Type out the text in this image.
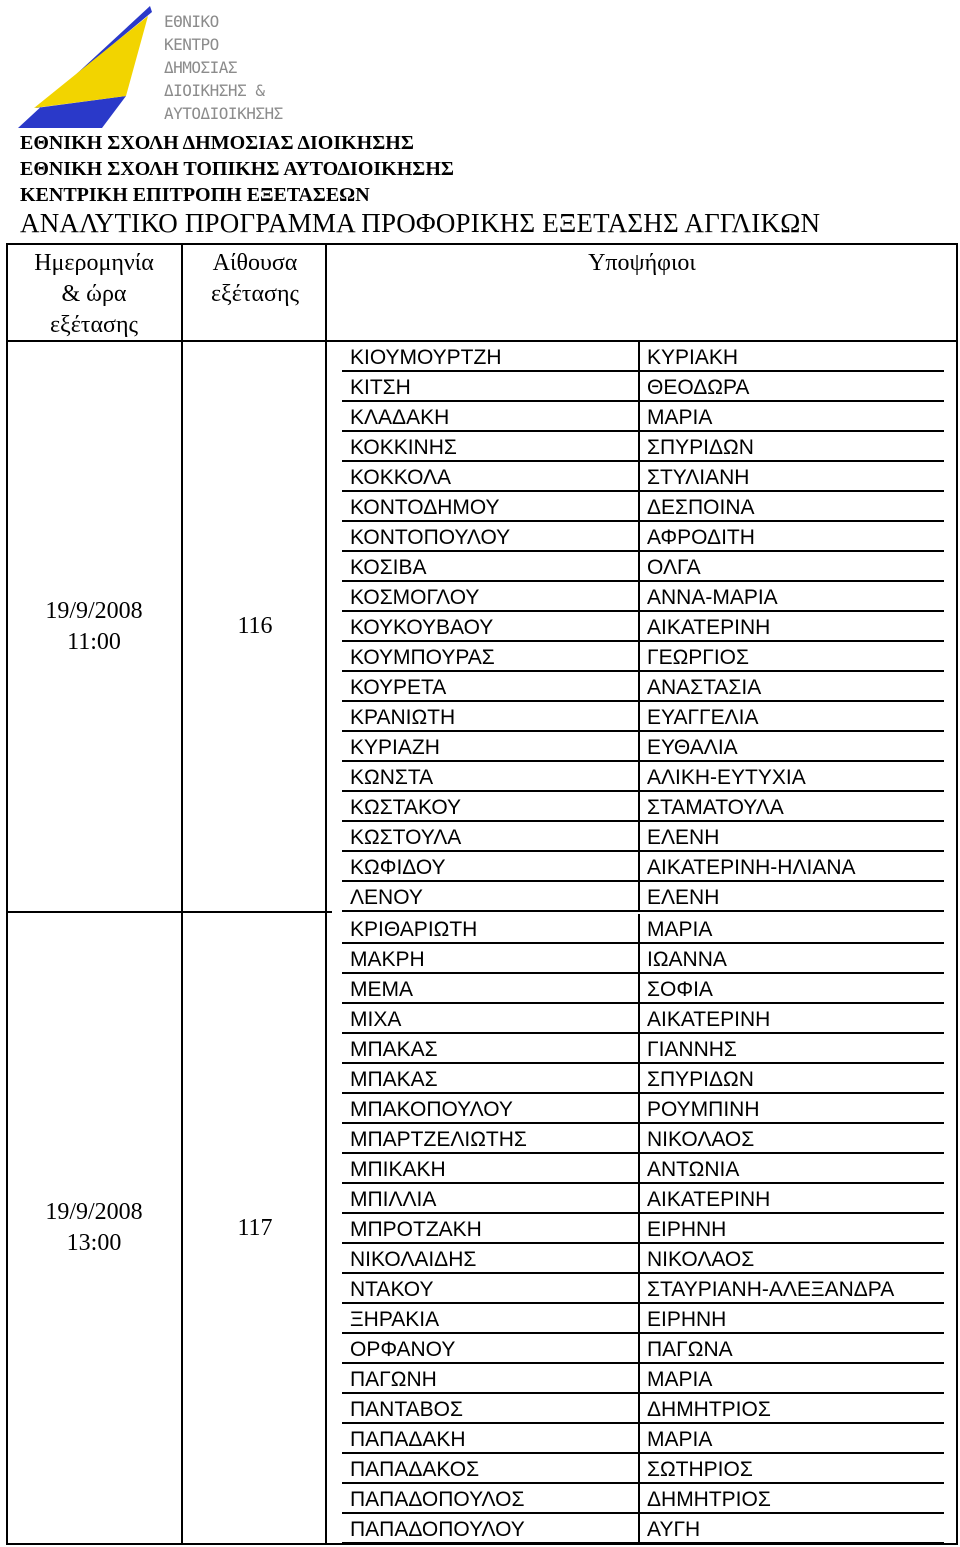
ΕΘΝΙΚΟ
ΚΕΝΤΡΟ
ΔΗΜΟΣΙΑΣ
ΔΙΟΙΚΗΣΗΣ &
ΑΥΤΟΔΙΟΙΚΗΣΗΣ
ΕΘΝΙΚΗ ΣΧΟΛΗ ΔΗΜΟΣΙΑΣ ΔΙΟΙΚΗΣΗΣ
ΕΘΝΙΚΗ ΣΧΟΛΗ ΤΟΠΙΚΗΣ ΑΥΤΟΔΙΟΙΚΗΣΗΣ
ΚΕΝΤΡΙΚΗ ΕΠΙΤΡΟΠΗ ΕΞΕΤΑΣΕΩΝ
ΑΝΑΛΥΤΙΚΟ ΠΡΟΓΡΑΜΜΑ ΠΡΟΦΟΡΙΚΗΣ ΕΞΕΤΑΣΗΣ ΑΓΓΛΙΚΩΝ
Ημερομηνία
& ώρα
εξέτασης
Αίθουσα
εξέτασης
Υποψήφιοι
19/9/2008
11:00
116
ΚΙΟΥΜΟΥΡΤΖΗ	ΚΥΡΙΑΚΗ
ΚΙΤΣΗ	ΘΕΟΔΩΡΑ
ΚΛΑΔΑΚΗ	ΜΑΡΙΑ
ΚΟΚΚΙΝΗΣ	ΣΠΥΡΙΔΩΝ
ΚΟΚΚΟΛΑ	ΣΤΥΛΙΑΝΗ
ΚΟΝΤΟΔΗΜΟΥ	ΔΕΣΠΟΙΝΑ
ΚΟΝΤΟΠΟΥΛΟΥ	ΑΦΡΟΔΙΤΗ
ΚΟΣΙΒΑ	ΟΛΓΑ
ΚΟΣΜΟΓΛΟΥ	ΑΝΝΑ-ΜΑΡΙΑ
ΚΟΥΚΟΥΒΑΟΥ	ΑΙΚΑΤΕΡΙΝΗ
ΚΟΥΜΠΟΥΡΑΣ	ΓΕΩΡΓΙΟΣ
ΚΟΥΡΕΤΑ	ΑΝΑΣΤΑΣΙΑ
ΚΡΑΝΙΩΤΗ	ΕΥΑΓΓΕΛΙΑ
ΚΥΡΙΑΖΗ	ΕΥΘΑΛΙΑ
ΚΩΝΣΤΑ	ΑΛΙΚΗ-ΕΥΤΥΧΙΑ
ΚΩΣΤΑΚΟΥ	ΣΤΑΜΑΤΟΥΛΑ
ΚΩΣΤΟΥΛΑ	ΕΛΕΝΗ
ΚΩΦΙΔΟΥ	ΑΙΚΑΤΕΡΙΝΗ-ΗΛΙΑΝΑ
ΛΕΝΟΥ	ΕΛΕΝΗ
19/9/2008
13:00
117
ΚΡΙΘΑΡΙΩΤΗ	ΜΑΡΙΑ
ΜΑΚΡΗ	ΙΩΑΝΝΑ
ΜΕΜΑ	ΣΟΦΙΑ
ΜΙΧΑ	ΑΙΚΑΤΕΡΙΝΗ
ΜΠΑΚΑΣ	ΓΙΑΝΝΗΣ
ΜΠΑΚΑΣ	ΣΠΥΡΙΔΩΝ
ΜΠΑΚΟΠΟΥΛΟΥ	ΡΟΥΜΠΙΝΗ
ΜΠΑΡΤΖΕΛΙΩΤΗΣ	ΝΙΚΟΛΑΟΣ
ΜΠΙΚΑΚΗ	ΑΝΤΩΝΙΑ
ΜΠΙΛΛΙΑ	ΑΙΚΑΤΕΡΙΝΗ
ΜΠΡΟΤΖΑΚΗ	ΕΙΡΗΝΗ
ΝΙΚΟΛΑΙΔΗΣ	ΝΙΚΟΛΑΟΣ
ΝΤΑΚΟΥ	ΣΤΑΥΡΙΑΝΗ-ΑΛΕΞΑΝΔΡΑ
ΞΗΡΑΚΙΑ	ΕΙΡΗΝΗ
ΟΡΦΑΝΟΥ	ΠΑΓΩΝΑ
ΠΑΓΩΝΗ	ΜΑΡΙΑ
ΠΑΝΤΑΒΟΣ	ΔΗΜΗΤΡΙΟΣ
ΠΑΠΑΔΑΚΗ	ΜΑΡΙΑ
ΠΑΠΑΔΑΚΟΣ	ΣΩΤΗΡΙΟΣ
ΠΑΠΑΔΟΠΟΥΛΟΣ	ΔΗΜΗΤΡΙΟΣ
ΠΑΠΑΔΟΠΟΥΛΟΥ	ΑΥΓΗ
